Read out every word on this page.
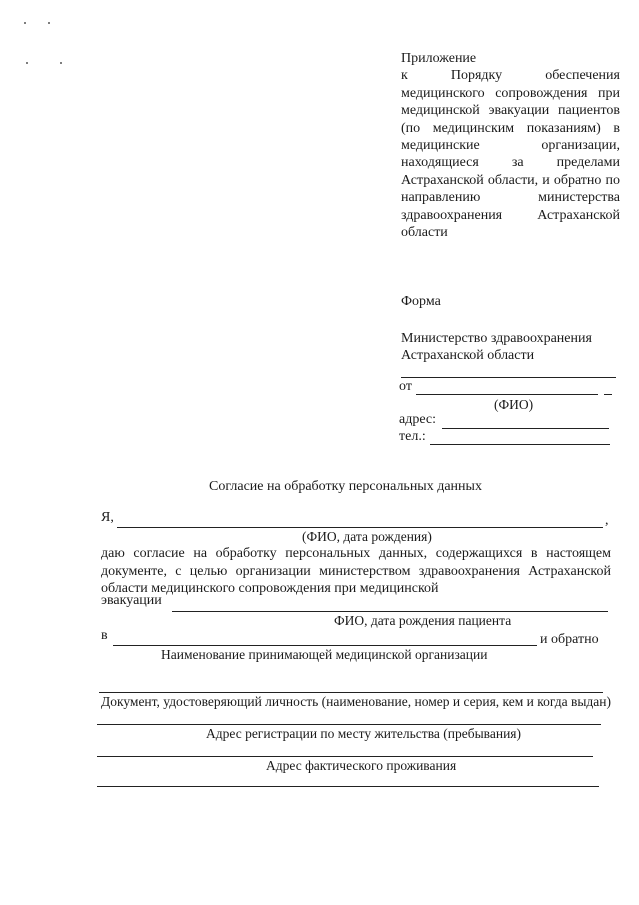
Приложение
к Порядку обеспечения медицинского сопровождения при медицинской эвакуации пациентов (по медицинским показаниям) в медицинские организации, находящиеся за пределами Астраханской области, и обратно по направлению министерства здравоохранения Астраханской области
Форма
Министерство здравоохранения
Астраханской области
от
(ФИО)
адрес:
тел.:
Согласие на обработку персональных данных
Я,	,
(ФИО, дата рождения)
даю согласие на обработку персональных данных, содержащихся в настоящем документе, с целью организации министерством здравоохранения Астраханской области медицинского сопровождения при медицинской
эвакуации
ФИО, дата рождения пациента
в	и обратно
Наименование принимающей медицинской организации
Документ, удостоверяющий личность (наименование, номер и серия, кем и когда выдан)
Адрес регистрации по месту жительства (пребывания)
Адрес фактического проживания
